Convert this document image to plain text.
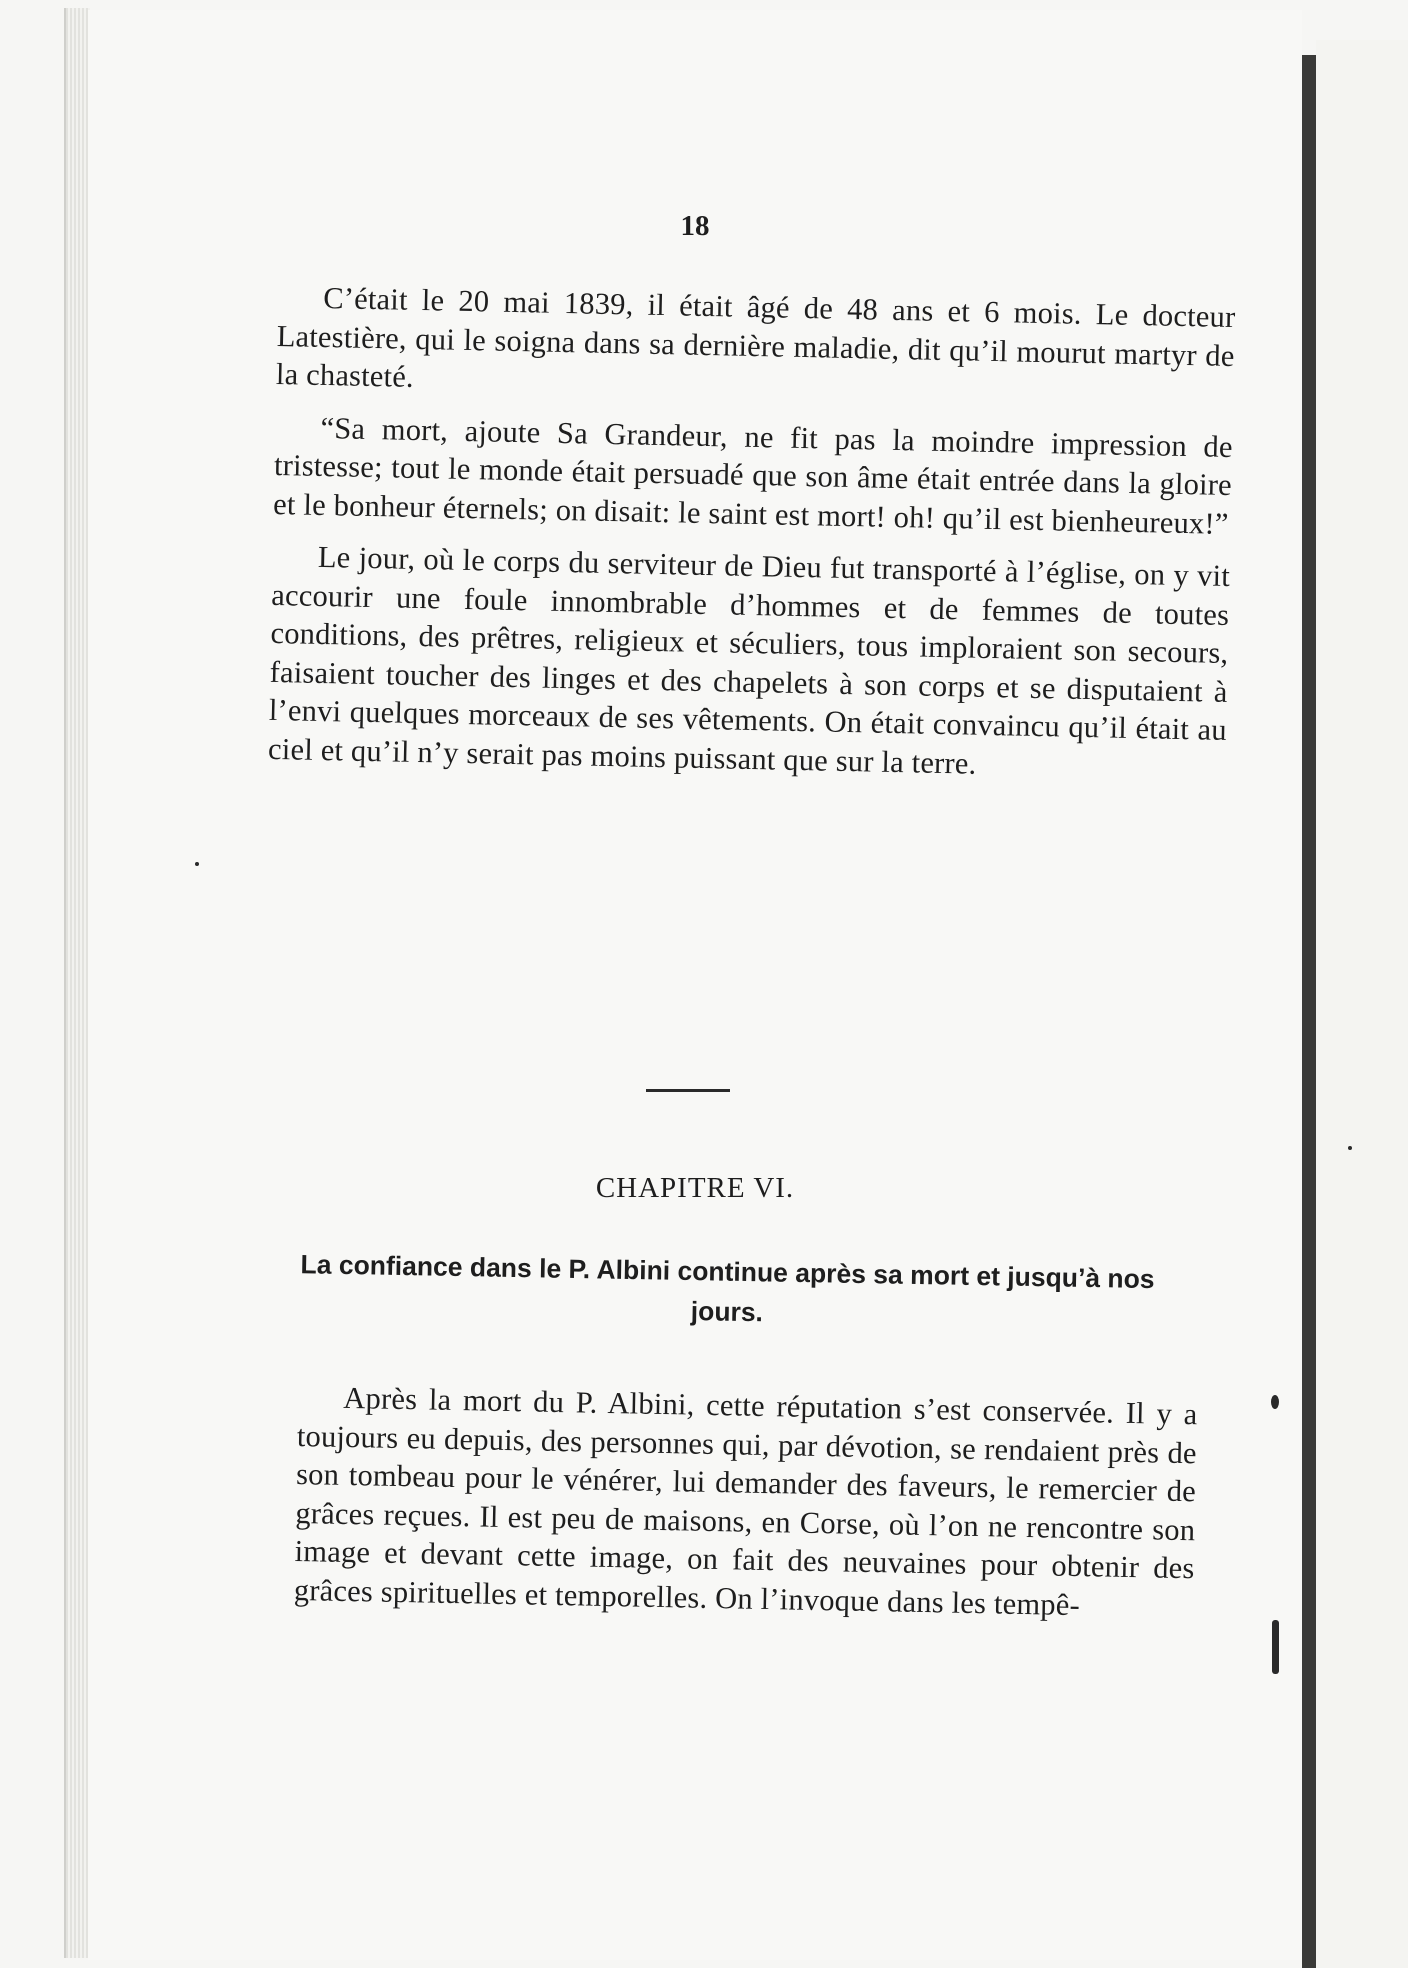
18

C’était le 20 mai 1839, il était âgé de 48 ans et 6 mois. Le docteur Latestière, qui le soigna dans sa dernière maladie, dit qu’il mourut martyr de la chasteté.

“Sa mort, ajoute Sa Grandeur, ne fit pas la moindre impression de tristesse; tout le monde était persuadé que son âme était entrée dans la gloire et le bonheur éternels; on disait: le saint est mort! oh! qu’il est bienheureux!”

Le jour, où le corps du serviteur de Dieu fut transporté à l’église, on y vit accourir une foule innombrable d’hommes et de femmes de toutes conditions, des prêtres, religieux et séculiers, tous imploraient son secours, faisaient toucher des linges et des chapelets à son corps et se disputaient à l’envi quelques morceaux de ses vêtements. On était convaincu qu’il était au ciel et qu’il n’y serait pas moins puissant que sur la terre.

CHAPITRE VI.
La confiance dans le P. Albini continue après sa mort et jusqu’à nos jours.

Après la mort du P. Albini, cette réputation s’est conservée. Il y a toujours eu depuis, des personnes qui, par dévotion, se rendaient près de son tombeau pour le vénérer, lui demander des faveurs, le remercier de grâces reçues. Il est peu de maisons, en Corse, où l’on ne rencontre son image et devant cette image, on fait des neuvaines pour obtenir des grâces spirituelles et temporelles. On l’invoque dans les tempê-
